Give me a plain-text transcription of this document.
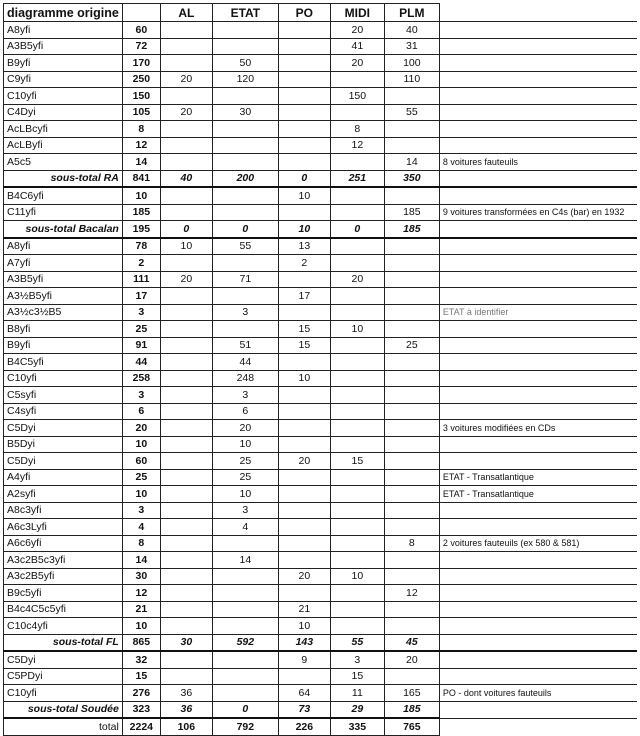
diagramme origine		AL	ETAT	PO	MIDI	PLM	
A8yfi	60				20	40	
A3B5yfi	72				41	31	
B9yfi	170		50		20	100	
C9yfi	250	20	120			110	
C10yfi	150				150		
C4Dyi	105	20	30			55	
AcLBcyfi	8				8		
AcLByfi	12				12		
A5c5	14					14	8 voitures fauteuils
sous-total RA	841	40	200	0	251	350	
B4C6yfi	10			10			
C11yfi	185					185	9 voitures transformées en C4s (bar) en 1932
sous-total Bacalan	195	0	0	10	0	185	
A8yfi	78	10	55	13			
A7yfi	2			2			
A3B5yfi	111	20	71		20		
A3½B5yfi	17			17			
A3½c3½B5	3		3				ETAT à identifier
B8yfi	25			15	10		
B9yfi	91		51	15		25	
B4C5yfi	44		44				
C10yfi	258		248	10			
C5syfi	3		3				
C4syfi	6		6				
C5Dyi	20		20				3 voitures modifiées en CDs
B5Dyi	10		10				
C5Dyi	60		25	20	15		
A4yfi	25		25				ETAT - Transatlantique
A2syfi	10		10				ETAT - Transatlantique
A8c3yfi	3		3				
A6c3Lyfi	4		4				
A6c6yfi	8					8	2 voitures fauteuils (ex 580 & 581)
A3c2B5c3yfi	14		14				
A3c2B5yfi	30			20	10		
B9c5yfi	12					12	
B4c4C5c5yfi	21			21			
C10c4yfi	10			10			
sous-total FL	865	30	592	143	55	45	
C5Dyi	32			9	3	20	
C5PDyi	15				15		
C10yfi	276	36		64	11	165	PO - dont voitures fauteuils
sous-total Soudée	323	36	0	73	29	185	
total	2224	106	792	226	335	765	
